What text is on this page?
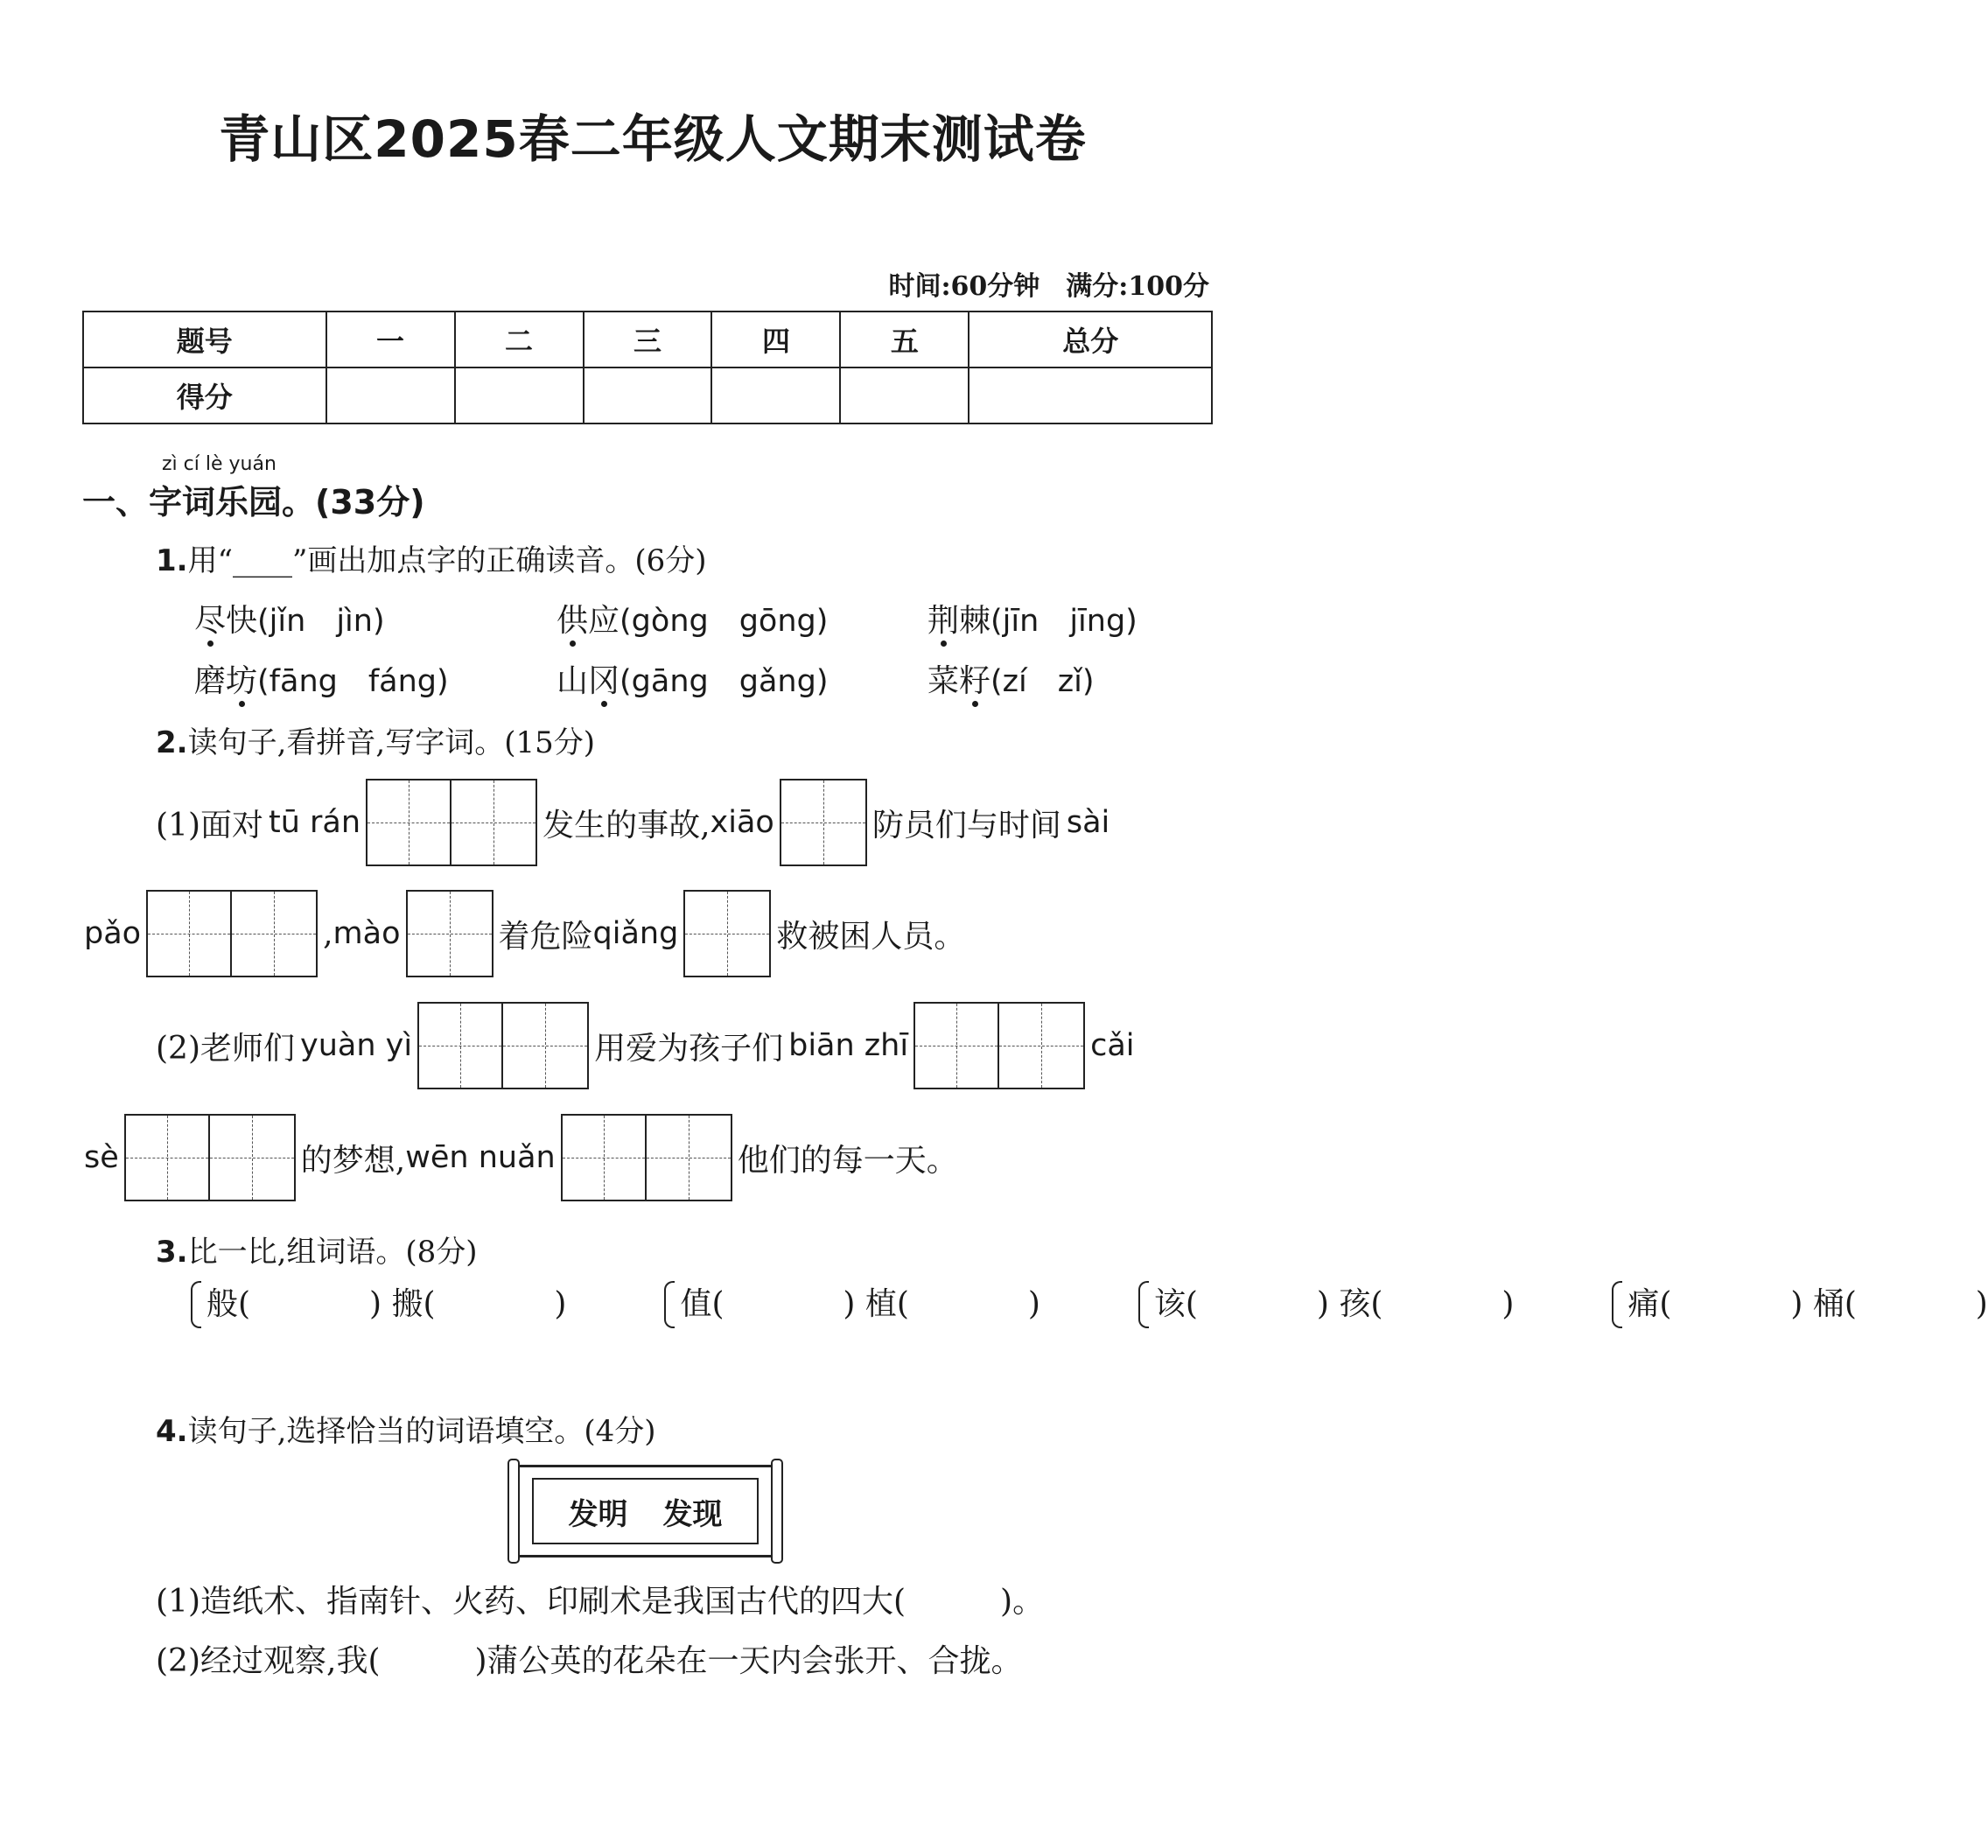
青山区2025春二年级人文期末测试卷
时间:60分钟　满分:100分
题号	一	二	三	四	五	总分
得分						
zì cí lè yuán
一、字词乐园。(33分)
1.用“____”画出加点字的正确读音。(6分)
尽快(jǐn　jìn)	供应(gòng　gōng)	荆棘(jīn　jīng)
磨坊(fāng　fáng)	山冈(gāng　gǎng)	菜籽(zí　zǐ)
2.读句子,看拼音,写字词。(15分)
(1)面对 tū rán	发生的事故, xiāo	防员们与时间 sài
pǎo	, mào	着危险 qiǎng	救被困人员。
(2)老师们 yuàn yì	用爱为孩子们 biān zhī	cǎi
sè	的梦想, wēn nuǎn	他们的每一天。
3.比一比,组词语。(8分)
般(	) 搬(	)	值(	) 植(	)	该(	) 孩(	)	痛(	) 桶(	)
4.读句子,选择恰当的词语填空。(4分)
发明 发现
(1)造纸术、指南针、火药、印刷术是我国古代的四大(　　　)。
(2)经过观察,我(　　　)蒲公英的花朵在一天内会张开、合拢。
